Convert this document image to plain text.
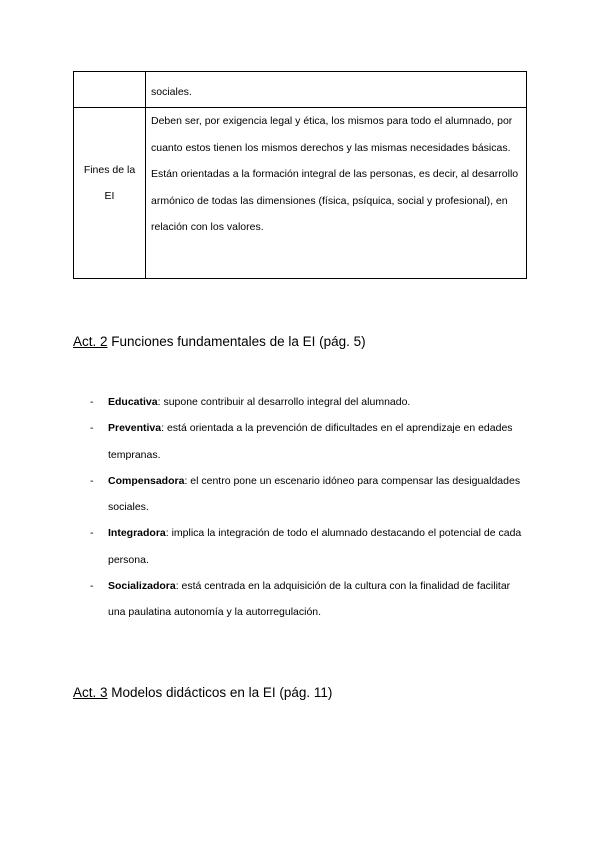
	sociales.

Fines de la EI	Deben ser, por exigencia legal y ética, los mismos para todo el alumnado, por cuanto estos tienen los mismos derechos y las mismas necesidades básicas. Están orientadas a la formación integral de las personas, es decir, al desarrollo armónico de todas las dimensiones (física, psíquica, social y profesional), en relación con los valores.
Act. 2 Funciones fundamentales de la EI (pág. 5)
- Educativa: supone contribuir al desarrollo integral del alumnado.
- Preventiva: está orientada a la prevención de dificultades en el aprendizaje en edades tempranas.
- Compensadora: el centro pone un escenario idóneo para compensar las desigualdades sociales.
- Integradora: implica la integración de todo el alumnado destacando el potencial de cada persona.
- Socializadora: está centrada en la adquisición de la cultura con la finalidad de facilitar una paulatina autonomía y la autorregulación.
Act. 3 Modelos didácticos en la EI (pág. 11)
